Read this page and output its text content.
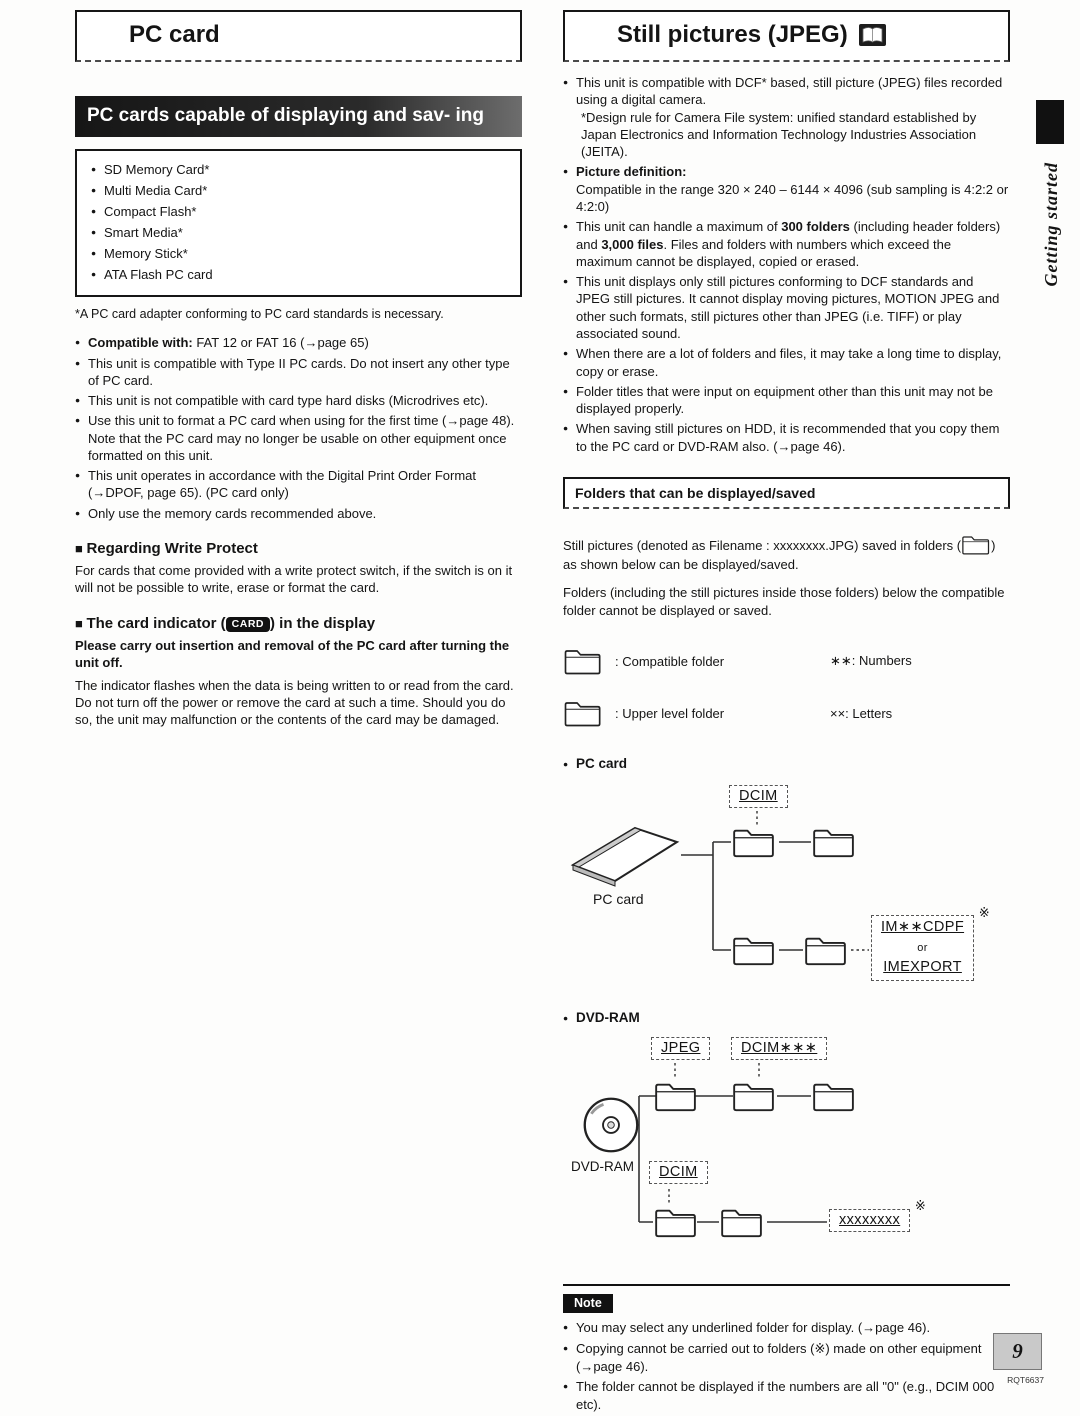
PC card
PC cards capable of displaying and sav- ing
● SD Memory Card*
● Multi Media Card*
● Compact Flash*
● Smart Media*
● Memory Stick*
● ATA Flash PC card
*A PC card adapter conforming to PC card standards is necessary.
● Compatible with: FAT 12 or FAT 16 (→page 65)
● This unit is compatible with Type II PC cards. Do not insert any other type of PC card.
● This unit is not compatible with card type hard disks (Microdrives etc).
● Use this unit to format a PC card when using for the first time (→page 48). Note that the PC card may no longer be usable on other equipment once formatted on this unit.
● This unit operates in accordance with the Digital Print Order Format (→DPOF, page 65). (PC card only)
● Only use the memory cards recommended above.
■ Regarding Write Protect

For cards that come provided with a write protect switch, if the switch is on it will not be possible to write, erase or format the card.

■ The card indicator ( CARD ) in the display

Please carry out insertion and removal of the PC card after turning the unit off.

The indicator flashes when the data is being written to or read from the card. Do not turn off the power or remove the card at such a time. Should you do so, the unit may malfunction or the contents of the card may be damaged.

Still pictures (JPEG)
● This unit is compatible with DCF* based, still picture (JPEG) files recorded using a digital camera.
*Design rule for Camera File system: unified standard established by Japan Electronics and Information Technology Industries Association (JEITA).
● Picture definition:
Compatible in the range 320 × 240 – 6144 × 4096 (sub sampling is 4:2:2 or 4:2:0)
● This unit can handle a maximum of 300 folders (including header folders) and 3,000 files. Files and folders with numbers which exceed the maximum cannot be displayed, copied or erased.
● This unit displays only still pictures conforming to DCF standards and JPEG still pictures. It cannot display moving pictures, MOTION JPEG and other such formats, still pictures other than JPEG (i.e. TIFF) or play associated sound.
● When there are a lot of folders and files, it may take a long time to display, copy or erase.
● Folder titles that were input on equipment other than this unit may not be displayed properly.
● When saving still pictures on HDD, it is recommended that you copy them to the PC card or DVD-RAM also. (→page 46).
Folders that can be displayed/saved
Still pictures (denoted as Filename : xxxxxxxx.JPG) saved in folders ( ) as shown below can be displayed/saved.
Folders (including the still pictures inside those folders) below the compatible folder cannot be displayed or saved.
: Compatible folder	∗∗: Numbers
: Upper level folder	××: Letters
● PC card
DCIM
PC card
※
IM∗∗CDPF
or
IMEXPORT
● DVD-RAM
JPEG	DCIM∗∗∗
DVD-RAM	DCIM
※
xxxxxxxx
Note
● You may select any underlined folder for display. (→page 46).
● Copying cannot be carried out to folders (※) made on other equipment (→page 46).
● The folder cannot be displayed if the numbers are all "0" (e.g., DCIM 000 etc).
Getting started
9
RQT6637
